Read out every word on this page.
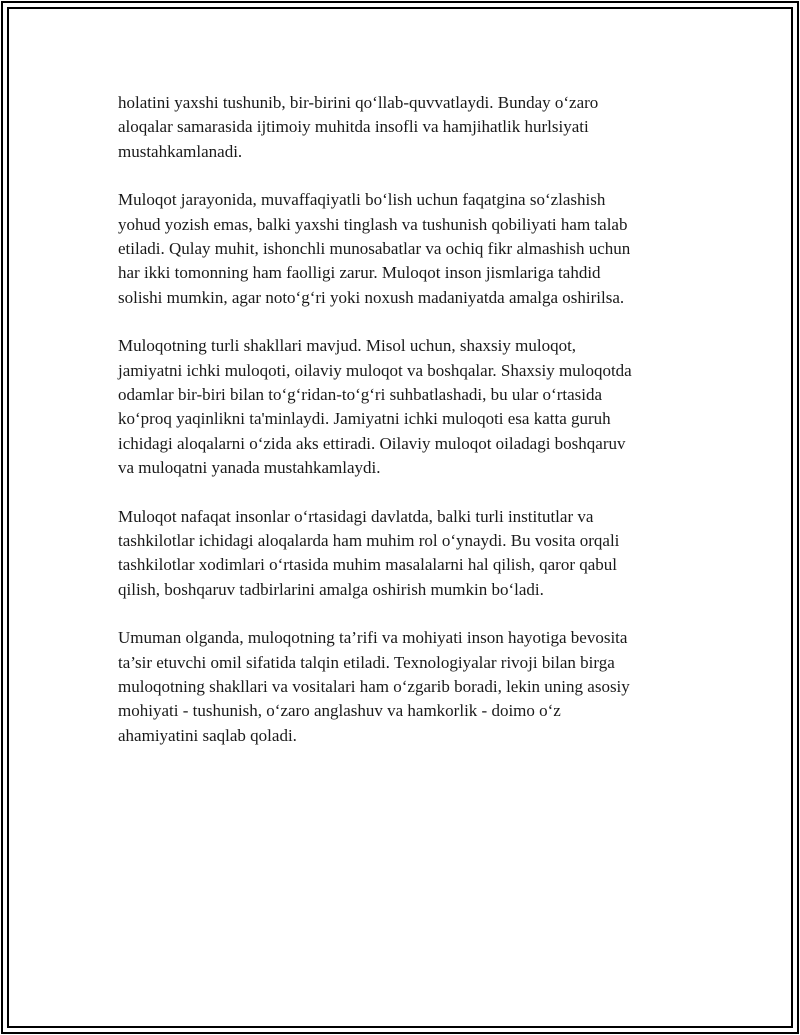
holatini yaxshi tushunib, bir-birini qo‘llab-quvvatlaydi. Bunday o‘zaro
aloqalar samarasida ijtimoiy muhitda insofli va hamjihatlik hurlsiyati
mustahkamlanadi.

Muloqot jarayonida, muvaffaqiyatli bo‘lish uchun faqatgina so‘zlashish
yohud yozish emas, balki yaxshi tinglash va tushunish qobiliyati ham talab
etiladi. Qulay muhit, ishonchli munosabatlar va ochiq fikr almashish uchun
har ikki tomonning ham faolligi zarur. Muloqot inson jismlariga tahdid
solishi mumkin, agar noto‘g‘ri yoki noxush madaniyatda amalga oshirilsa.

Muloqotning turli shakllari mavjud. Misol uchun, shaxsiy muloqot,
jamiyatni ichki muloqoti, oilaviy muloqot va boshqalar. Shaxsiy muloqotda
odamlar bir-biri bilan to‘g‘ridan-to‘g‘ri suhbatlashadi, bu ular o‘rtasida
ko‘proq yaqinlikni ta'minlaydi. Jamiyatni ichki muloqoti esa katta guruh
ichidagi aloqalarni o‘zida aks ettiradi. Oilaviy muloqot oiladagi boshqaruv
va muloqatni yanada mustahkamlaydi.

Muloqot nafaqat insonlar o‘rtasidagi davlatda, balki turli institutlar va
tashkilotlar ichidagi aloqalarda ham muhim rol o‘ynaydi. Bu vosita orqali
tashkilotlar xodimlari o‘rtasida muhim masalalarni hal qilish, qaror qabul
qilish, boshqaruv tadbirlarini amalga oshirish mumkin bo‘ladi.

Umuman olganda, muloqotning ta’rifi va mohiyati inson hayotiga bevosita
ta’sir etuvchi omil sifatida talqin etiladi. Texnologiyalar rivoji bilan birga
muloqotning shakllari va vositalari ham o‘zgarib boradi, lekin uning asosiy
mohiyati - tushunish, o‘zaro anglashuv va hamkorlik - doimo o‘z
ahamiyatini saqlab qoladi.
